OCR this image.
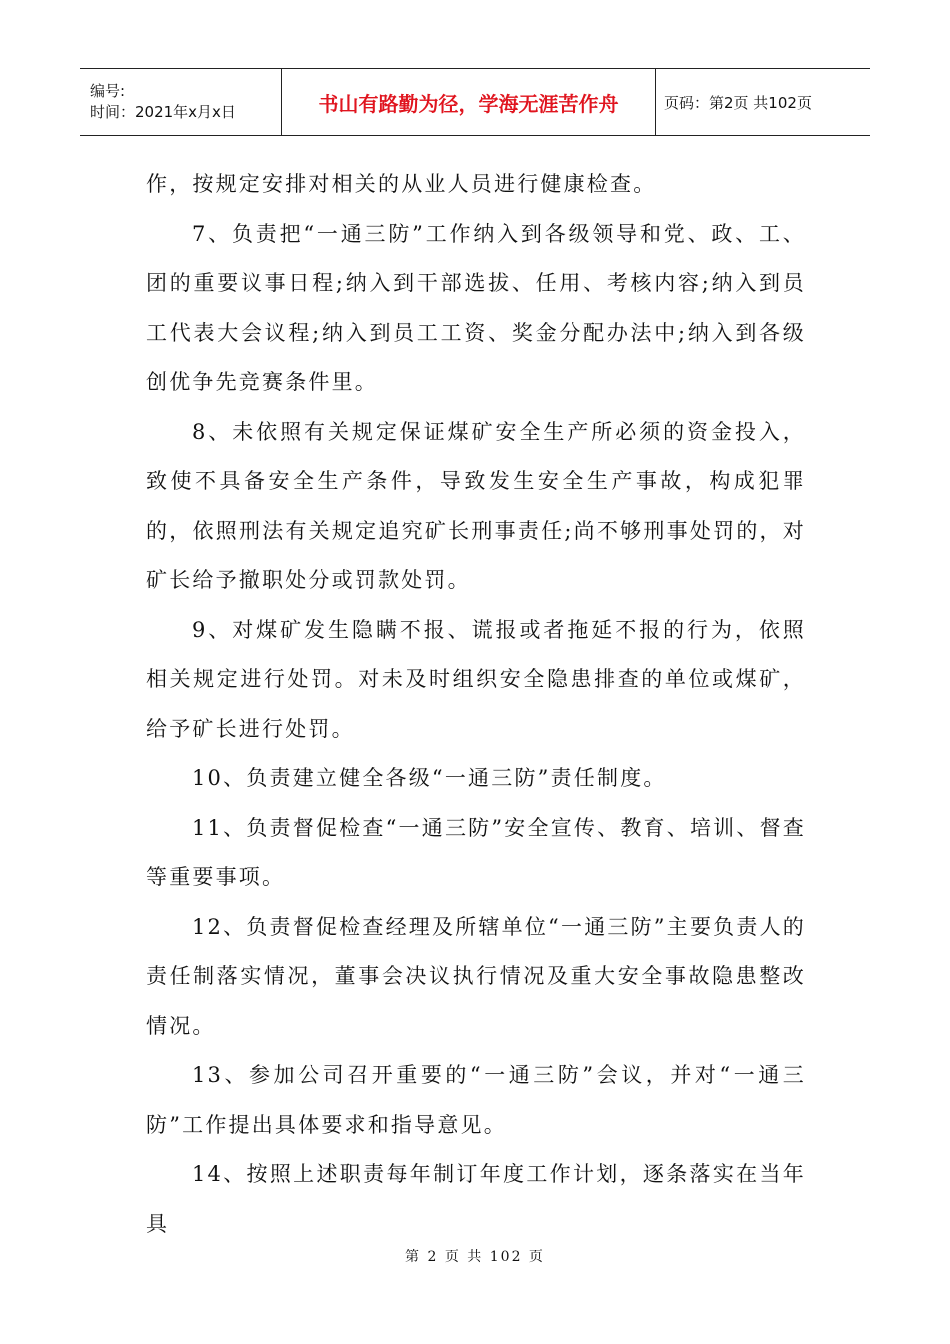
编号:
时间：2021年x月x日	书山有路勤为径，学海无涯苦作舟	页码：第2页 共102页

作，按规定安排对相关的从业人员进行健康检查。

7、负责把“一通三防”工作纳入到各级领导和党、政、工、团的重要议事日程;纳入到干部选拔、任用、考核内容;纳入到员工代表大会议程;纳入到员工工资、奖金分配办法中;纳入到各级创优争先竞赛条件里。

8、未依照有关规定保证煤矿安全生产所必须的资金投入，致使不具备安全生产条件，导致发生安全生产事故，构成犯罪的，依照刑法有关规定追究矿长刑事责任;尚不够刑事处罚的，对矿长给予撤职处分或罚款处罚。

9、对煤矿发生隐瞒不报、谎报或者拖延不报的行为，依照相关规定进行处罚。对未及时组织安全隐患排查的单位或煤矿，给予矿长进行处罚。

10、负责建立健全各级“一通三防”责任制度。

11、负责督促检查“一通三防”安全宣传、教育、培训、督查等重要事项。

12、负责督促检查经理及所辖单位“一通三防”主要负责人的责任制落实情况，董事会决议执行情况及重大安全事故隐患整改情况。

13、参加公司召开重要的“一通三防”会议，并对“一通三防”工作提出具体要求和指导意见。

14、按照上述职责每年制订年度工作计划，逐条落实在当年具

第 2 页 共 102 页
